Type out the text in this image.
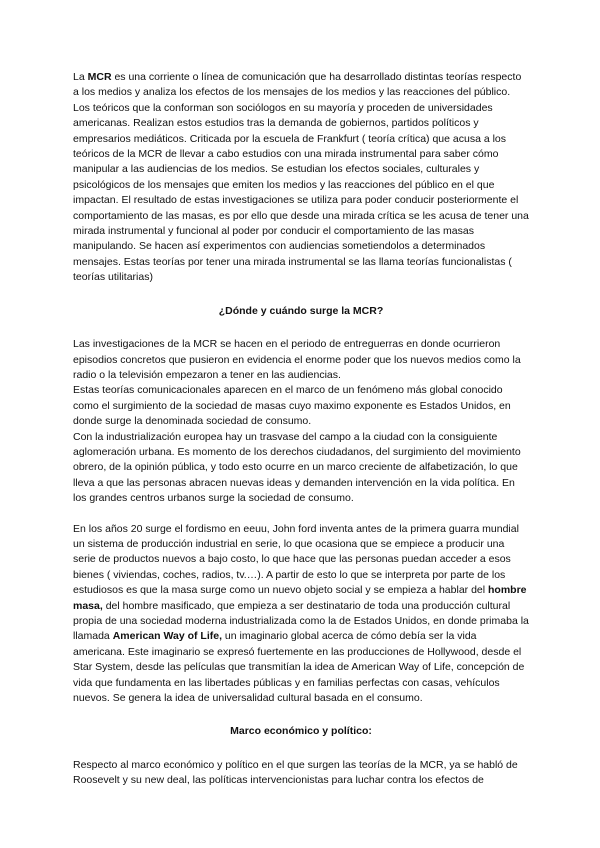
La MCR es una corriente o línea de comunicación que ha desarrollado distintas teorías respecto a los medios y analiza los efectos de los mensajes de los medios y las reacciones del público. Los teóricos que la conforman son sociólogos en su mayoría y proceden de universidades americanas. Realizan estos estudios tras la demanda de gobiernos, partidos políticos y empresarios mediáticos. Criticada por la escuela de Frankfurt ( teoría crítica) que acusa a los teóricos de la MCR de llevar a cabo estudios con una mirada instrumental para saber cómo manipular a las audiencias de los medios. Se estudian los efectos sociales, culturales y psicológicos de los mensajes que emiten los medios y las reacciones del público en el que impactan. El resultado de estas investigaciones se utiliza para poder conducir posteriormente el comportamiento de las masas, es por ello que desde una mirada crítica se les acusa de tener una mirada instrumental y funcional al poder por conducir el comportamiento de las masas manipulando. Se hacen así experimentos con audiencias sometiendolos a determinados mensajes. Estas teorías por tener una mirada instrumental se las llama teorías funcionalistas ( teorías utilitarias)

¿Dónde y cuándo surge la MCR?

Las investigaciones de la MCR se hacen en el periodo de entreguerras en donde ocurrieron episodios concretos que pusieron en evidencia el enorme poder que los nuevos medios como la radio o la televisión empezaron a tener en las audiencias.

Estas teorías comunicacionales aparecen en el marco de un fenómeno más global conocido como el surgimiento de la sociedad de masas cuyo maximo exponente es Estados Unidos, en donde surge la denominada sociedad de consumo.

Con la industrialización europea hay un trasvase del campo a la ciudad con la consiguiente aglomeración urbana. Es momento de los derechos ciudadanos, del surgimiento del movimiento obrero, de la opinión pública, y todo esto ocurre en un marco creciente de alfabetización, lo que lleva a que las personas abracen nuevas ideas y demanden intervención en la vida política. En los grandes centros urbanos surge la sociedad de consumo.

En los años 20 surge el fordismo en eeuu, John ford inventa antes de la primera guarra mundial un sistema de producción industrial en serie, lo que ocasiona que se empiece a producir una serie de productos nuevos a bajo costo, lo que hace que las personas puedan acceder a esos bienes ( viviendas, coches, radios, tv.…). A partir de esto lo que se interpreta por parte de los estudiosos es que la masa surge como un nuevo objeto social y se empieza a hablar del hombre masa, del hombre masificado, que empieza a ser destinatario de toda una producción cultural propia de una sociedad moderna industrializada como la de Estados Unidos, en donde primaba la llamada American Way of Life, un imaginario global acerca de cómo debía ser la vida americana. Este imaginario se expresó fuertemente en las producciones de Hollywood, desde el Star System, desde las películas que transmitían la idea de American Way of Life, concepción de vida que fundamenta en las libertades públicas y en familias perfectas con casas, vehículos nuevos. Se genera la idea de universalidad cultural basada en el consumo.

Marco económico y político:

Respecto al marco económico y político en el que surgen las teorías de la MCR, ya se habló de Roosevelt y su new deal, las políticas intervencionistas para luchar contra los efectos de
